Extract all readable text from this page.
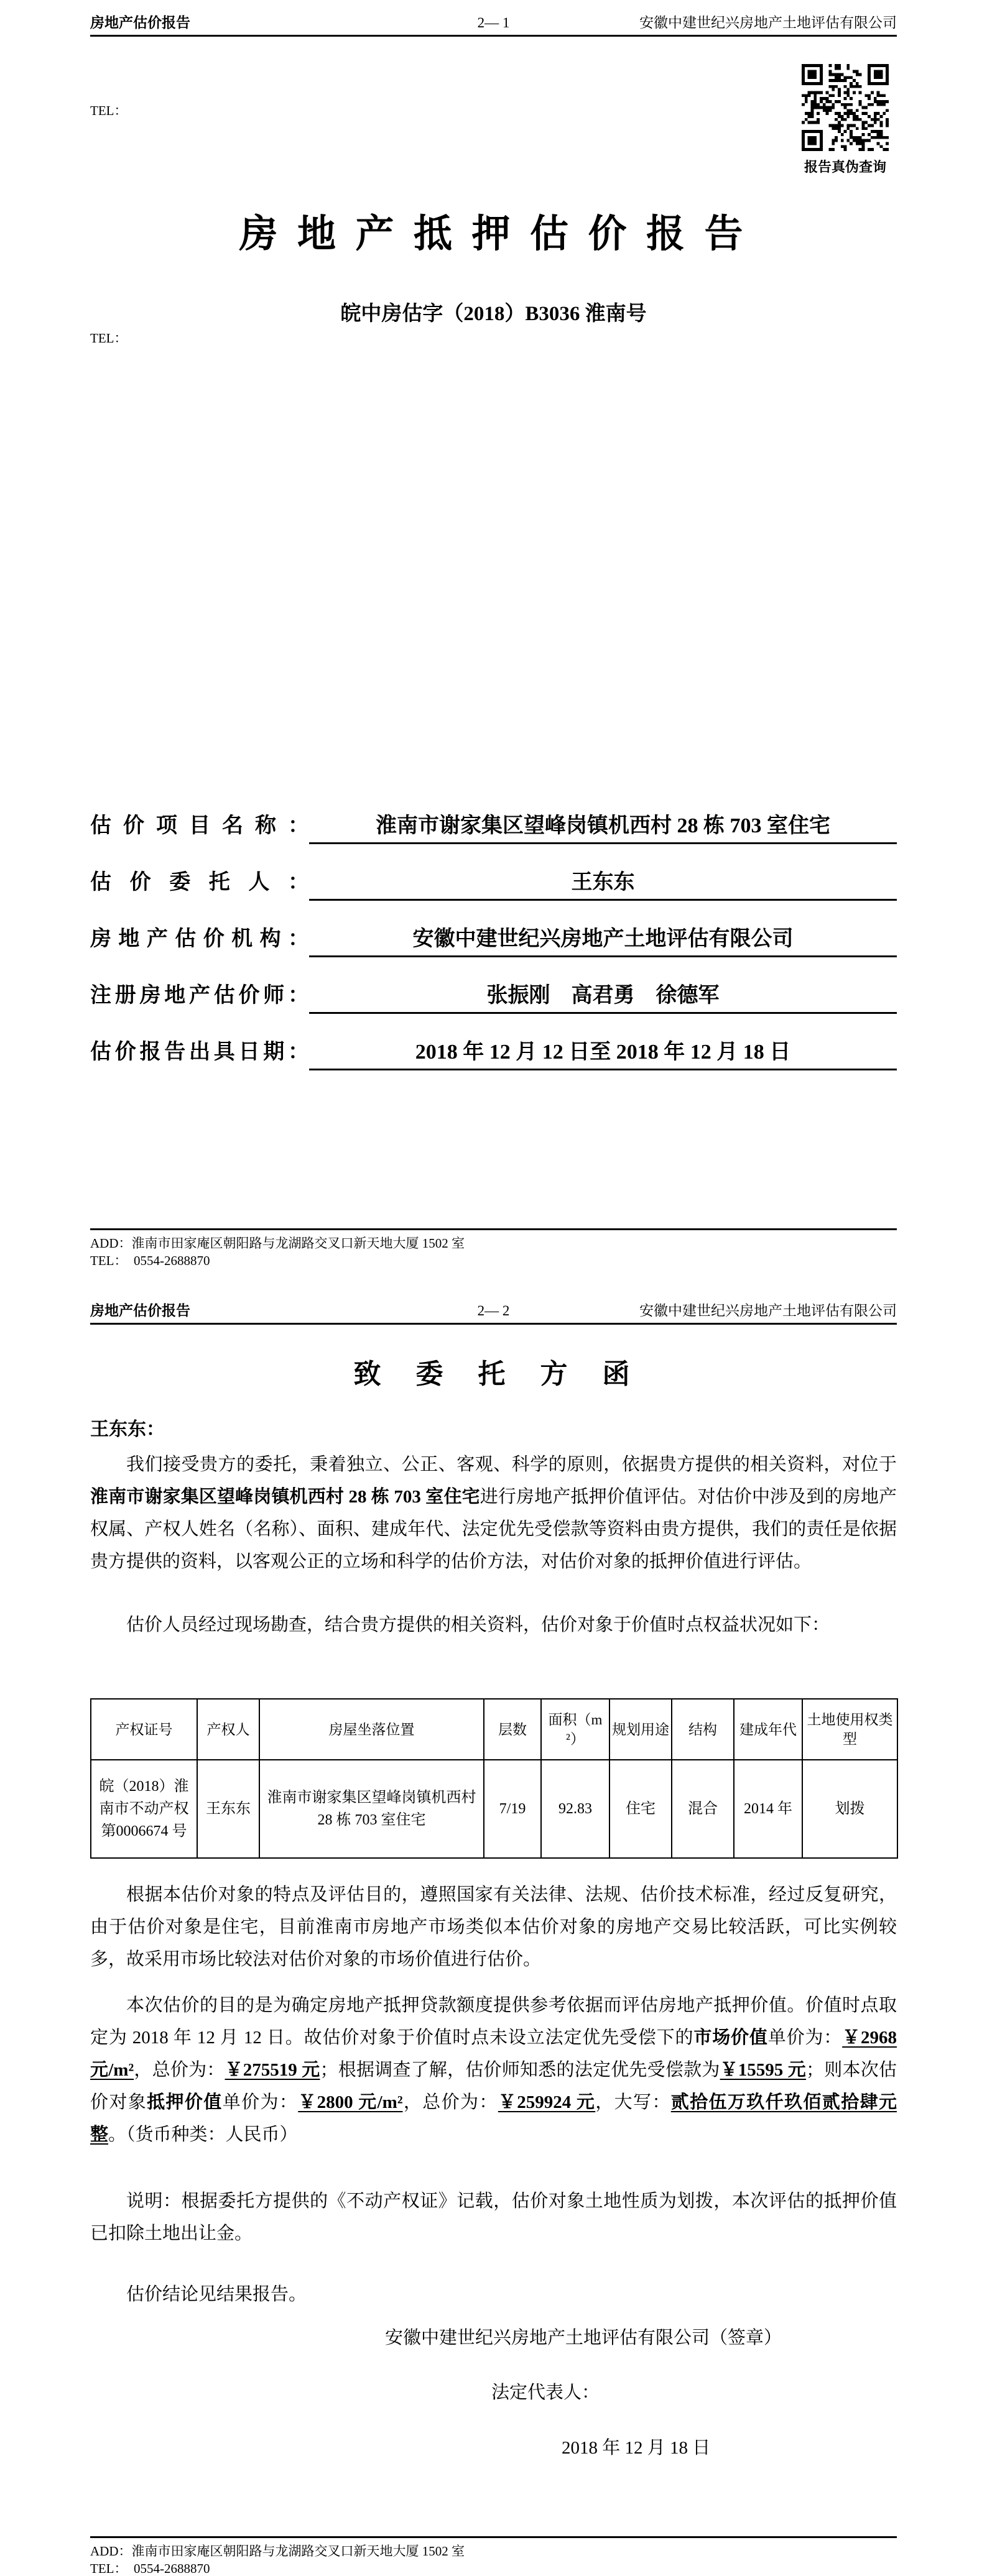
房地产估价报告	2— 1	安徽中建世纪兴房地产土地评估有限公司
TEL：
报告真伪查询
房 地 产 抵 押 估 价 报 告
皖中房估字（2018）B3036 淮南号
TEL：
估价项目名称：	淮南市谢家集区望峰岗镇机西村 28 栋 703 室住宅
估价委托人：	王东东
房地产估价机构：	安徽中建世纪兴房地产土地评估有限公司
注册房地产估价师：	张振刚　高君勇　徐德军
估价报告出具日期：	2018 年 12 月 12 日至 2018 年 12 月 18 日
ADD：淮南市田家庵区朝阳路与龙湖路交叉口新天地大厦 1502 室
TEL：  0554-2688870
房地产估价报告	2— 2	安徽中建世纪兴房地产土地评估有限公司
致　委　托　方　函
王东东：

我们接受贵方的委托，秉着独立、公正、客观、科学的原则，依据贵方提供的相关资料，对位于淮南市谢家集区望峰岗镇机西村 28 栋 703 室住宅进行房地产抵押价值评估。对估价中涉及到的房地产权属、产权人姓名（名称）、面积、建成年代、法定优先受偿款等资料由贵方提供，我们的责任是依据贵方提供的资料，以客观公正的立场和科学的估价方法，对估价对象的抵押价值进行评估。

估价人员经过现场勘查，结合贵方提供的相关资料，估价对象于价值时点权益状况如下：

产权证号	产权人	房屋坐落位置	层数	面积（m²）	规划用途	结构	建成年代	土地使用权类型
皖（2018）淮南市不动产权第0006674 号	王东东	淮南市谢家集区望峰岗镇机西村 28 栋 703 室住宅	7/19	92.83	住宅	混合	2014 年	划拨

根据本估价对象的特点及评估目的，遵照国家有关法律、法规、估价技术标准，经过反复研究，由于估价对象是住宅，目前淮南市房地产市场类似本估价对象的房地产交易比较活跃，可比实例较多，故采用市场比较法对估价对象的市场价值进行估价。

本次估价的目的是为确定房地产抵押贷款额度提供参考依据而评估房地产抵押价值。价值时点取定为 2018 年 12 月 12 日。故估价对象于价值时点未设立法定优先受偿下的市场价值单价为：￥2968 元/m²，总价为：￥275519 元；根据调查了解，估价师知悉的法定优先受偿款为￥15595 元；则本次估价对象抵押价值单价为：￥2800 元/m²，总价为：￥259924 元，大写：贰拾伍万玖仟玖佰贰拾肆元整。（货币种类：人民币）

说明：根据委托方提供的《不动产权证》记载，估价对象土地性质为划拨，本次评估的抵押价值已扣除土地出让金。

估价结论见结果报告。

安徽中建世纪兴房地产土地评估有限公司（签章）
法定代表人：
2018 年 12 月 18 日
ADD：淮南市田家庵区朝阳路与龙湖路交叉口新天地大厦 1502 室
TEL：  0554-2688870
